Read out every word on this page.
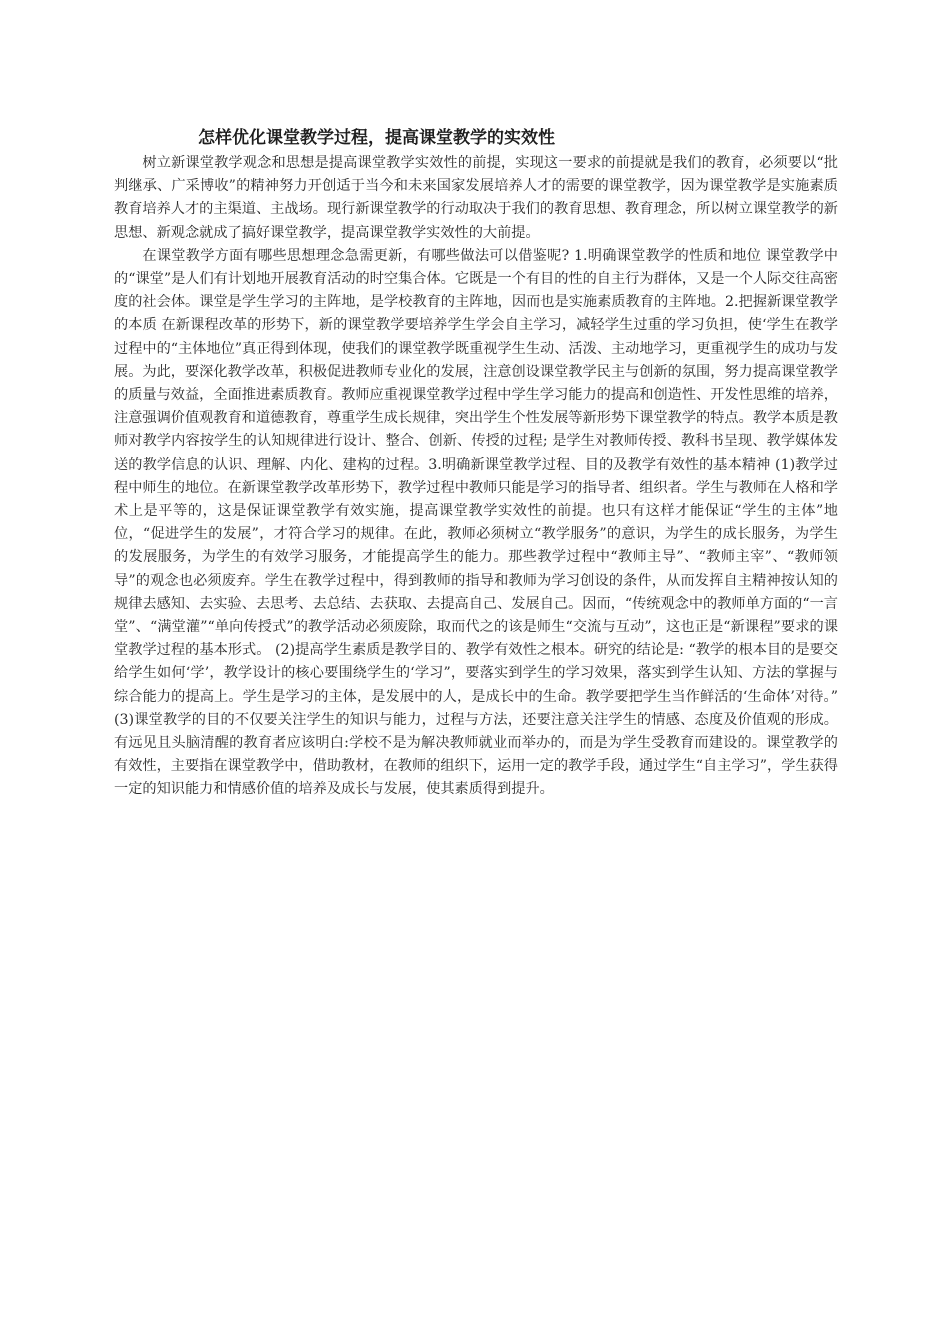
怎样优化课堂教学过程，提高课堂教学的实效性

树立新课堂教学观念和思想是提高课堂教学实效性的前提，实现这一要求的前提就是我们的教育，必须要以“批判继承、广采博收”的精神努力开创适于当今和未来国家发展培养人才的需要的课堂教学，因为课堂教学是实施素质教育培养人才的主渠道、主战场。现行新课堂教学的行动取决于我们的教育思想、教育理念，所以树立课堂教学的新思想、新观念就成了搞好课堂教学，提高课堂教学实效性的大前提。

在课堂教学方面有哪些思想理念急需更新，有哪些做法可以借鉴呢? 1.明确课堂教学的性质和地位 课堂教学中的“课堂”是人们有计划地开展教育活动的时空集合体。它既是一个有目的性的自主行为群体，又是一个人际交往高密度的社会体。课堂是学生学习的主阵地，是学校教育的主阵地，因而也是实施素质教育的主阵地。2.把握新课堂教学的本质 在新课程改革的形势下，新的课堂教学要培养学生学会自主学习，减轻学生过重的学习负担，使‘学生在教学过程中的“主体地位”真正得到体现，使我们的课堂教学既重视学生生动、活泼、主动地学习，更重视学生的成功与发展。为此，要深化教学改革，积极促进教师专业化的发展，注意创设课堂教学民主与创新的氛围，努力提高课堂教学的质量与效益，全面推进素质教育。教师应重视课堂教学过程中学生学习能力的提高和创造性、开发性思维的培养，注意强调价值观教育和道德教育，尊重学生成长规律，突出学生个性发展等新形势下课堂教学的特点。教学本质是教师对教学内容按学生的认知规律进行设计、整合、创新、传授的过程; 是学生对教师传授、教科书呈现、教学媒体发送的教学信息的认识、理解、内化、建构的过程。3.明确新课堂教学过程、目的及教学有效性的基本精神 (1)教学过程中师生的地位。在新课堂教学改革形势下，教学过程中教师只能是学习的指导者、组织者。学生与教师在人格和学术上是平等的，这是保证课堂教学有效实施，提高课堂教学实效性的前提。也只有这样才能保证“学生的主体”地位，“促进学生的发展”，才符合学习的规律。在此，教师必须树立“教学服务”的意识，为学生的成长服务，为学生的发展服务，为学生的有效学习服务，才能提高学生的能力。那些教学过程中“教师主导”、“教师主宰”、“教师领导”的观念也必须废弃。学生在教学过程中，得到教师的指导和教师为学习创设的条件，从而发挥自主精神按认知的规律去感知、去实验、去思考、去总结、去获取、去提高自己、发展自己。因而，“传统观念中的教师单方面的“一言堂”、“满堂灌”“单向传授式”的教学活动必须废除，取而代之的该是师生“交流与互动”，这也正是“新课程”要求的课堂教学过程的基本形式。 (2)提高学生素质是教学目的、教学有效性之根本。研究的结论是: “教学的根本目的是要交给学生如何‘学’，教学设计的核心要围绕学生的‘学习”，要落实到学生的学习效果，落实到学生认知、方法的掌握与综合能力的提高上。学生是学习的主体，是发展中的人，是成长中的生命。教学要把学生当作鲜活的‘生命体’对待。” (3)课堂教学的目的不仅要关注学生的知识与能力，过程与方法，还要注意关注学生的情感、态度及价值观的形成。有远见且头脑清醒的教育者应该明白:学校不是为解决教师就业而举办的，而是为学生受教育而建设的。课堂教学的有效性，主要指在课堂教学中，借助教材，在教师的组织下，运用一定的教学手段，通过学生“自主学习”，学生获得一定的知识能力和情感价值的培养及成长与发展，使其素质得到提升。
